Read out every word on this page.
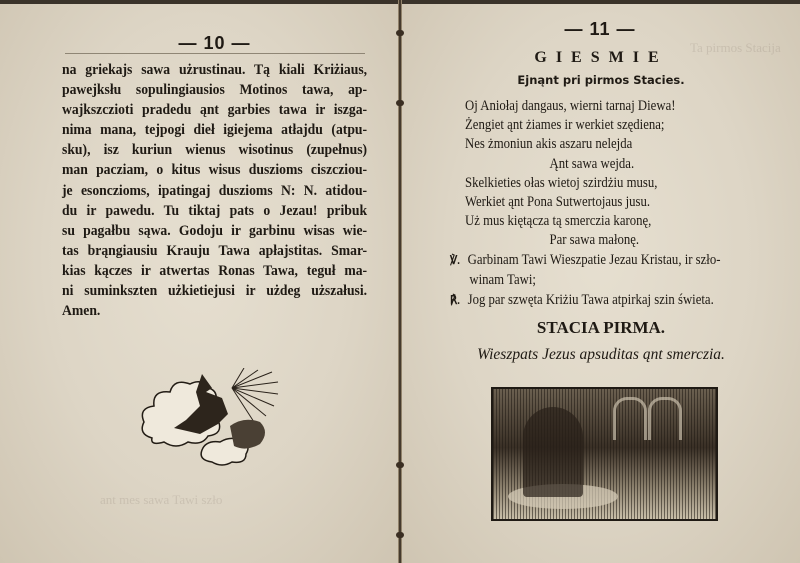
Ta pirmos Stacija
ant mes sawa Tawi szło
— 10 —
na griekajs sawa użrustinau. Tą kiali Kriżiaus,
pawejksłu sopulingiausios Motinos tawa, ap-
wajkszczioti pradedu ąnt garbies tawa ir iszga-
nima mana, tejpogi dieł igiejema atłajdu (atpu-
sku), isz kuriun wienus wisotinus (zupełnus)
man pacziam, o kitus wisus duszioms ciszcziou-
je esonczioms, ipatingaj duszioms N: N. atidou-
du ir pawedu. Tu tiktaj pats o Jezau! pribuk
su pagałbu sąwa. Godoju ir garbinu wisas wie-
tas brąngiausiu Krauju Tawa apłajstitas. Smar-
kias kączes ir atwertas Ronas Tawa, teguł ma-
ni suminkszten użkietiejusi ir użdeg uższałusi.
Amen.
— 11 —
GIESMIE
Ejnąnt pri pirmos Stacies.
Oj Aniołaj dangaus, wierni tarnaj Diewa!
Żengiet ąnt żiames ir werkiet szędiena;
Nes żmoniun akis aszaru nelejda
Ąnt sawa wejda.
Skelkieties ołas wietoj szirdżiu musu,
Werkiet ąnt Pona Sutwertojaus jusu.
Uż mus kiętącza tą smerczia karonę,
Par sawa małonę.
℣. Garbinam Tawi Wieszpatie Jezau Kristau, ir szło-
winam Tawi;
℟. Jog par szwęta Kriżiu Tawa atpirkaj szin świeta.
STACIA PIRMA.
Wieszpats Jezus apsuditas ąnt smerczia.
